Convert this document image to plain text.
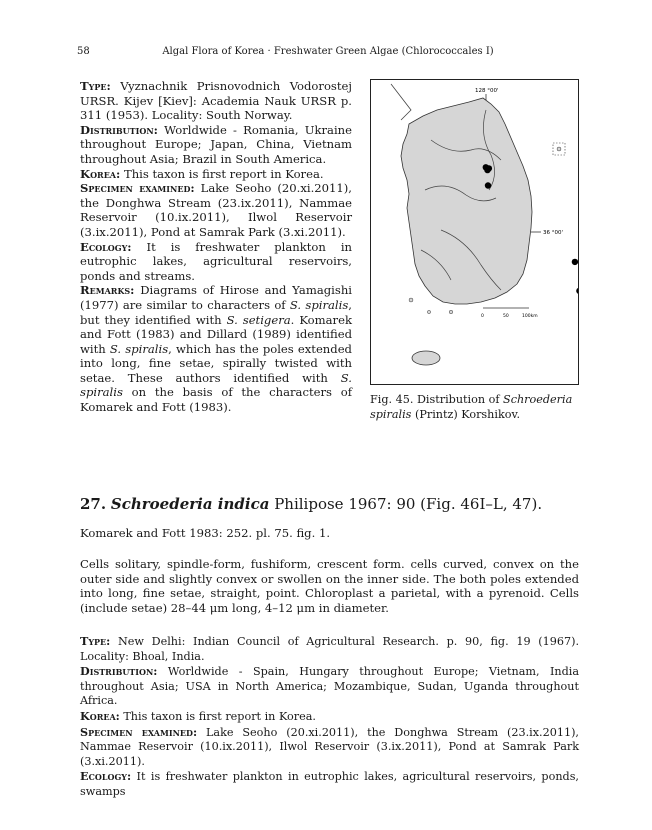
58	Algal Flora of Korea · Freshwater Green Algae (Chlorococcales I)

Type: Vyznachnik Prisnovodnich Vodorostej URSR. Kijev [Kiev]: Academia Nauk URSR p. 311 (1953). Locality: South Norway.

Distribution: Worldwide - Romania, Ukraine throughout Europe; Japan, China, Vietnam throughout Asia; Brazil in South America.

Korea: This taxon is first report in Korea.

Specimen examined: Lake Seoho (20.xi.2011), the Donghwa Stream (23.ix.2011), Nammae Reservoir (10.ix.2011), Ilwol Reservoir (3.ix.2011), Pond at Samrak Park (3.xi.2011).

Ecology: It is freshwater plankton in eutrophic lakes, agricultural reservoirs, ponds and streams.

Remarks: Diagrams of Hirose and Yamagishi (1977) are similar to characters of S. spiralis, but they identified with S. setigera. Komarek and Fott (1983) and Dillard (1989) identified with S. spiralis, which has the poles extended into long, fine setae, spirally twisted with setae. These authors identified with S. spiralis on the basis of the characters of Komarek and Fott (1983).

128 °00'
36 °00'
0	50	100km
Fig. 45. Distribution of Schroederia spiralis (Printz) Korshikov.
27. Schroederia indica Philipose 1967: 90 (Fig. 46I–L, 47).
Komarek and Fott 1983: 252. pl. 75. fig. 1.
Cells solitary, spindle-form, fushiform, crescent form. cells curved, convex on the outer side and slightly convex or swollen on the inner side. The both poles extended into long, fine setae, straight, point. Chloroplast a parietal, with a pyrenoid. Cells (include setae) 28–44 μm long, 4–12 μm in diameter.

Type: New Delhi: Indian Council of Agricultural Research. p. 90, fig. 19 (1967). Locality: Bhoal, India.

Distribution: Worldwide - Spain, Hungary throughout Europe; Vietnam, India throughout Asia; USA in North America; Mozambique, Sudan, Uganda throughout Africa.

Korea: This taxon is first report in Korea.

Specimen examined: Lake Seoho (20.xi.2011), the Donghwa Stream (23.ix.2011), Nammae Reservoir (10.ix.2011), Ilwol Reservoir (3.ix.2011), Pond at Samrak Park (3.xi.2011).

Ecology: It is freshwater plankton in eutrophic lakes, agricultural reservoirs, ponds, swamps
